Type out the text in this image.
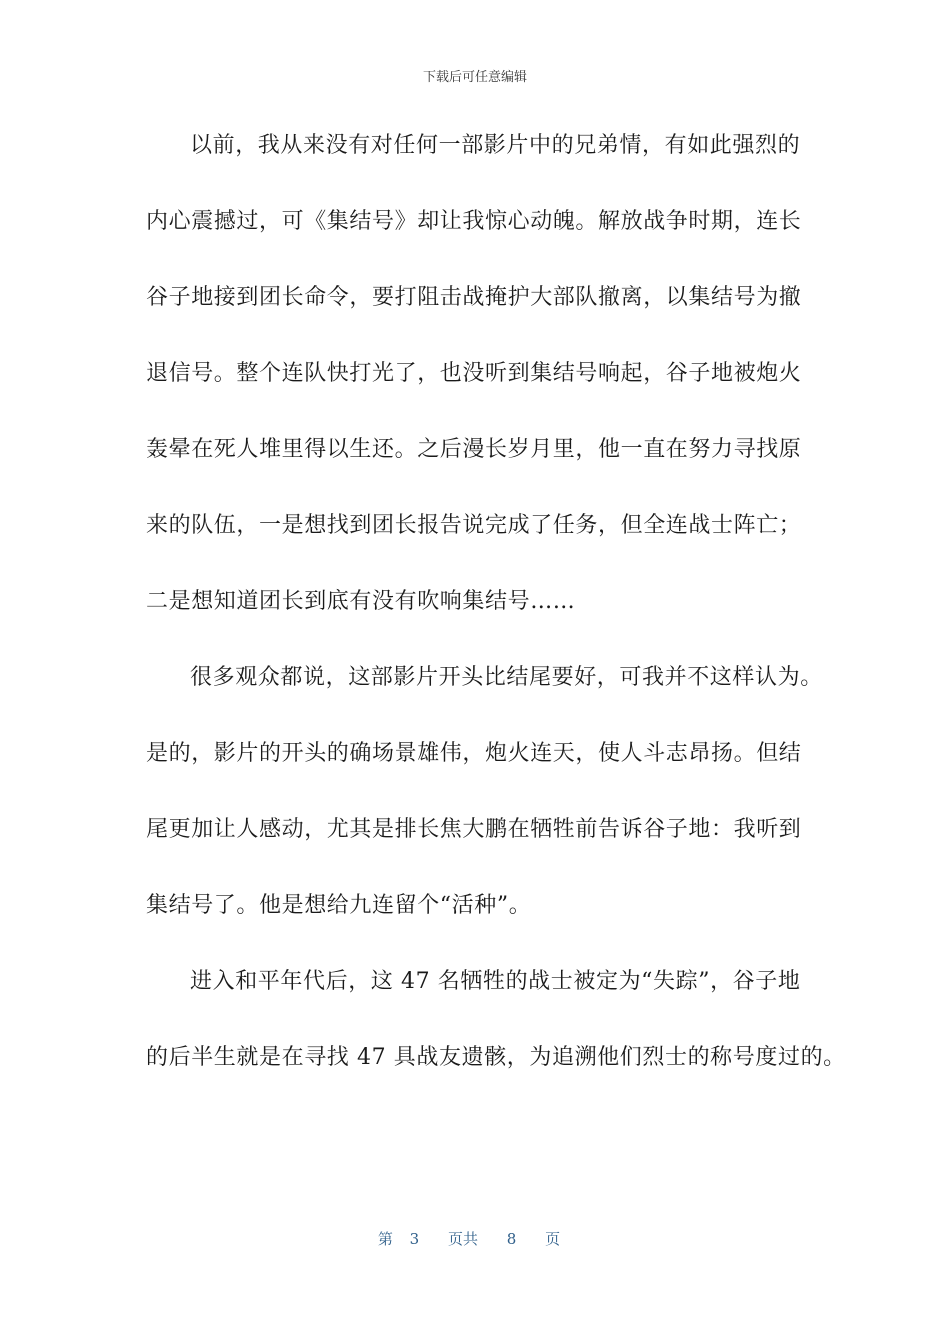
下载后可任意编辑
以前，我从来没有对任何一部影片中的兄弟情，有如此强烈的
内心震撼过，可《集结号》却让我惊心动魄。解放战争时期，连长
谷子地接到团长命令，要打阻击战掩护大部队撤离，以集结号为撤
退信号。整个连队快打光了，也没听到集结号响起，谷子地被炮火
轰晕在死人堆里得以生还。之后漫长岁月里，他一直在努力寻找原
来的队伍，一是想找到团长报告说完成了任务，但全连战士阵亡；
二是想知道团长到底有没有吹响集结号……
很多观众都说，这部影片开头比结尾要好，可我并不这样认为。
是的，影片的开头的确场景雄伟，炮火连天，使人斗志昂扬。但结
尾更加让人感动，尤其是排长焦大鹏在牺牲前告诉谷子地：我听到
集结号了。他是想给九连留个“活种”。
进入和平年代后，这 47 名牺牲的战士被定为“失踪”，谷子地
的后半生就是在寻找 47 具战友遗骸，为追溯他们烈士的称号度过的。
第 3 页共 8 页
